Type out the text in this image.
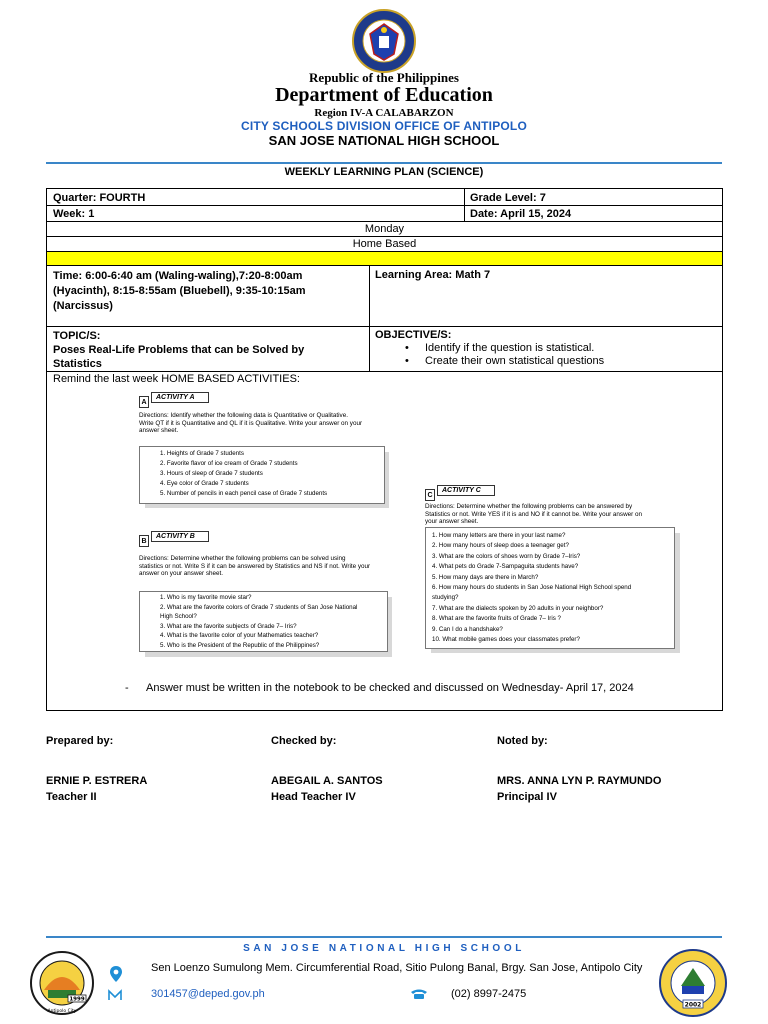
Republic of the Philippines
Department of Education
Region IV-A CALABARZON
CITY SCHOOLS DIVISION OFFICE OF ANTIPOLO
SAN JOSE NATIONAL HIGH SCHOOL
WEEKLY LEARNING PLAN (SCIENCE)
Quarter: FOURTH	Grade Level: 7
Week: 1	Date: April 15, 2024
Monday
Home Based
Time: 6:00-6:40 am (Waling-waling),7:20-8:00am
(Hyacinth), 8:15-8:55am (Bluebell), 9:35-10:15am
(Narcissus)
Learning Area: Math 7
TOPIC/S:
Poses Real-Life Problems that can be Solved by
Statistics
OBJECTIVE/S:
• Identify if the question is statistical.
• Create their own statistical questions
Remind the last week HOME BASED ACTIVITIES:
A
ACTIVITY A
Directions: Identify whether the following data is Quantitative or Qualitative.
Write QT if it is Quantitative and QL if it is Qualitative. Write your answer on your
answer sheet.
1. Heights of Grade 7 students
2. Favorite flavor of ice cream of Grade 7 students
3. Hours of sleep of Grade 7 students
4. Eye color of Grade 7 students
5. Number of pencils in each pencil case of Grade 7 students
B
ACTIVITY B
Directions: Determine whether the following problems can be solved using
statistics or not. Write S if it can be answered by Statistics and NS if not. Write your
answer on your answer sheet.
1. Who is my favorite movie star?
2. What are the favorite colors of Grade 7 students of San Jose National
High School?
3. What are the favorite subjects of Grade 7– Iris?
4. What is the favorite color of your Mathematics teacher?
5. Who is the President of the Republic of the Philippines?
C
ACTIVITY C
Directions: Determine whether the following problems can be answered by
Statistics or not. Write YES if it is and NO if it cannot be. Write your answer on
your answer sheet.
1. How many letters are there in your last name?
2. How many hours of sleep does a teenager get?
3. What are the colors of shoes worn by Grade 7–Iris?
4. What pets do Grade 7-Sampaguita students have?
5. How many days are there in March?
6. How many hours do students in San Jose National High School spend
studying?
7. What are the dialects spoken by 20 adults in your neighbor?
8. What are the favorite fruits of Grade 7– Iris ?
9. Can I do a handshake?
10. What mobile games does your classmates prefer?
-	Answer must be written in the notebook to be checked and discussed on Wednesday- April 17, 2024
Prepared by:	Checked by:	Noted by:
ERNIE P. ESTRERA	ABEGAIL A. SANTOS	MRS. ANNA LYN P. RAYMUNDO
Teacher II	Head Teacher IV	Principal IV
SAN JOSE NATIONAL HIGH SCHOOL
1999
Antipolo City
Sen Loenzo Sumulong Mem. Circumferential Road, Sitio Pulong Banal, Brgy. San Jose, Antipolo City
301457@deped.gov.ph	(02) 8997-2475
2002
